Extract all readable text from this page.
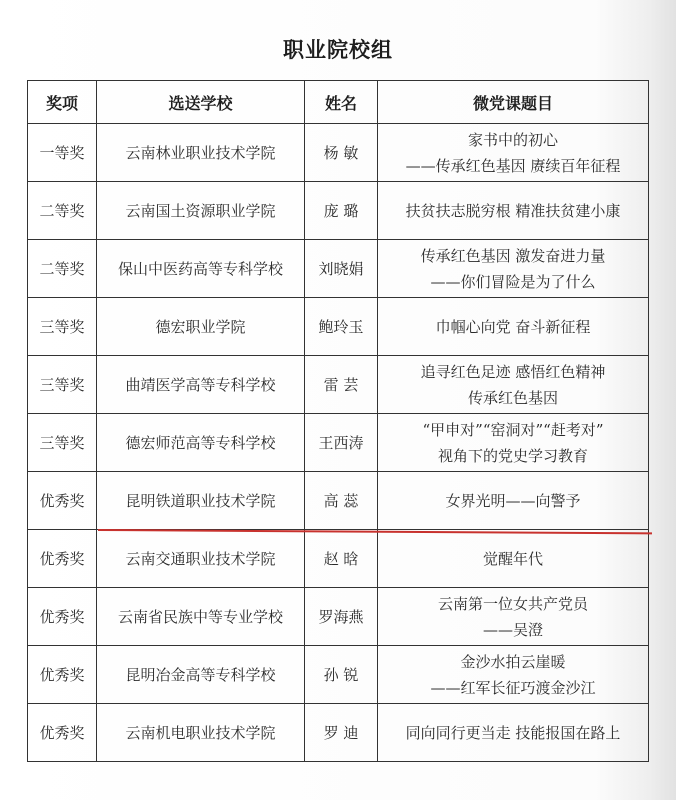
职业院校组
奖项	选送学校	姓名	微党课题目
一等奖	云南林业职业技术学院	杨 敏	家书中的初心
——传承红色基因 赓续百年征程

二等奖	云南国土资源职业学院	庞 璐	扶贫扶志脱穷根 精准扶贫建小康

二等奖	保山中医药高等专科学校	刘晓娟	传承红色基因 激发奋进力量
——你们冒险是为了什么

三等奖	德宏职业学院	鲍玲玉	巾帼心向党 奋斗新征程

三等奖	曲靖医学高等专科学校	雷 芸	追寻红色足迹 感悟红色精神
传承红色基因

三等奖	德宏师范高等专科学校	王西涛	“甲申对”“窑洞对”“赶考对”
视角下的党史学习教育

优秀奖	昆明铁道职业技术学院	高 蕊	女界光明——向警予

优秀奖	云南交通职业技术学院	赵 晗	觉醒年代

优秀奖	云南省民族中等专业学校	罗海燕	云南第一位女共产党员
——吴澄

优秀奖	昆明冶金高等专科学校	孙 锐	金沙水拍云崖暖
——红军长征巧渡金沙江

优秀奖	云南机电职业技术学院	罗 迪	同向同行更当走 技能报国在路上
